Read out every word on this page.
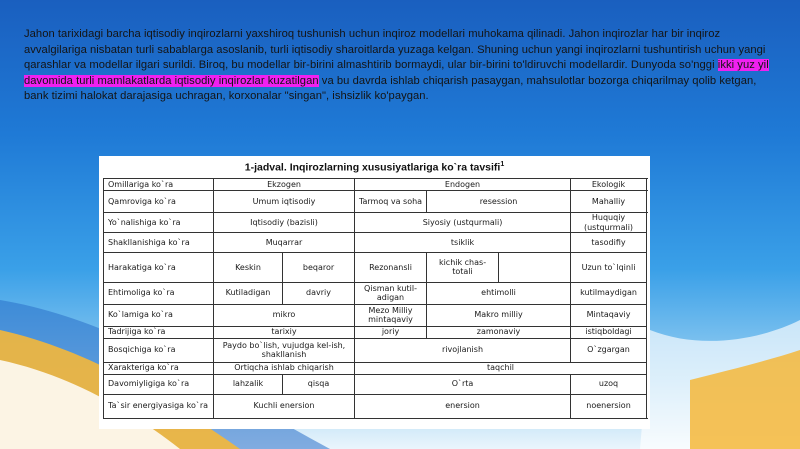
Jahon tarixidagi barcha iqtisodiy inqirozlarni yaxshiroq tushunish uchun inqiroz modellari muhokama qilinadi. Jahon inqirozlar har bir inqiroz avvalgilariga nisbatan turli sabablarga asoslanib, turli iqtisodiy sharoitlarda yuzaga kelgan. Shuning uchun yangi inqirozlarni tushuntirish uchun yangi qarashlar va modellar ilgari surildi. Biroq, bu modellar bir-birini almashtirib bormaydi, ular bir-birini to'ldiruvchi modellardir. Dunyoda so'nggi ikki yuz yil davomida turli mamlakatlarda iqtisodiy inqirozlar kuzatilgan va bu davrda ishlab chiqarish pasaygan, mahsulotlar bozorga chiqarilmay qolib ketgan, bank tizimi halokat darajasiga uchragan, korxonalar "singan", ishsizlik ko'paygan.

1-jadval. Inqirozlarning xususiyatlariga ko`ra tavsifi$^1$
Omillariga ko`ra	Ekzogen		Endogen			Ekologik	
Qamroviga ko`ra	Umum iqtisodiy		Tarmoq va soha	resession		Mahalliy	
Yo`nalishiga ko`ra	Iqtisodiy (bazisli)		Siyosiy (ustqurmali)			Huquqiy (ustqurmali)	
Shakllanishiga ko`ra	Muqarrar		tsiklik			tasodifiy	
Harakatiga ko`ra	Keskin	beqaror	Rezonansli	kichik chas-totali		Uzun to`lqinli	
Ehtimoliga ko`ra	Kutiladigan	davriy	Qisman kutil-adigan	ehtimolli		kutilmaydigan	
Ko`lamiga ko`ra	mikro		Mezo Milliy mintaqaviy	Makro milliy		Mintaqaviy	
Tadrijiga ko`ra	tarixiy		joriy	zamonaviy		istiqboldagi	
Bosqichiga ko`ra	Paydo bo`lish, vujudga kel-ish, shakllanish		rivojlanish			O`zgargan	
Xarakteriga ko`ra	Ortiqcha ishlab chiqarish		taqchil				
Davomiyligiga ko`ra	lahzalik	qisqa	O`rta			uzoq	
Ta`sir energiyasiga ko`ra	Kuchli enersion		enersion			noenersion	
